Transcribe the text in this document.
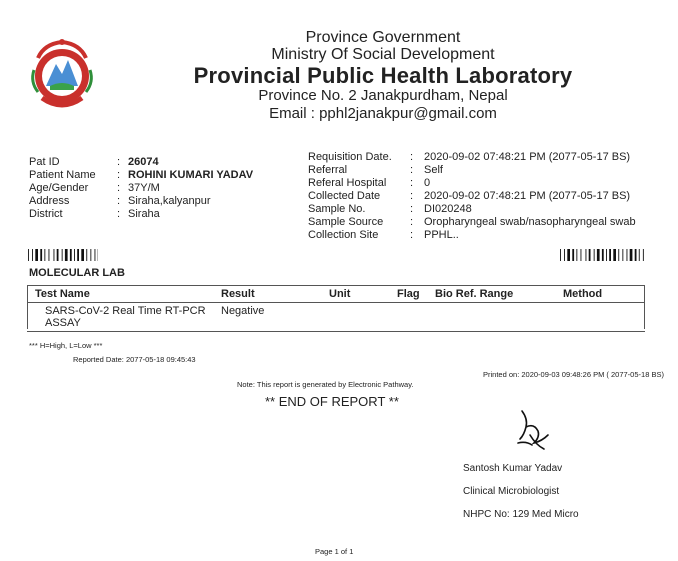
Province Government
Ministry Of Social Development
Provincial Public Health Laboratory
Province No. 2 Janakpurdham, Nepal
Email : pphl2janakpur@gmail.com
Pat ID	: 26074
Patient Name : ROHINI KUMARI YADAV
Age/Gender	: 37Y/M
Address	: Siraha,kalyanpur
District	: Siraha
Requisition Date. : 2020-09-02 07:48:21 PM (2077-05-17 BS)
Referral	: Self
Referal Hospital : 0
Collected Date	: 2020-09-02 07:48:21 PM (2077-05-17 BS)
Sample No.	: DI020248
Sample Source : Oropharyngeal swab/nasopharyngeal swab
Collection Site	: PPHL..
MOLECULAR LAB
Test Name	Result	Unit	Flag	Bio Ref. Range	Method

SARS-CoV-2 Real Time RT-PCR
ASSAY	Negative				
*** H=High, L=Low ***
Reported Date: 2077-05-18 09:45:43
Printed on: 2020-09-03 09:48:26 PM ( 2077-05-18 BS)
Note: This report is generated by Electronic Pathway.
** END OF REPORT **
Santosh Kumar Yadav
Clinical Microbiologist
NHPC No: 129 Med Micro
Page 1 of 1
